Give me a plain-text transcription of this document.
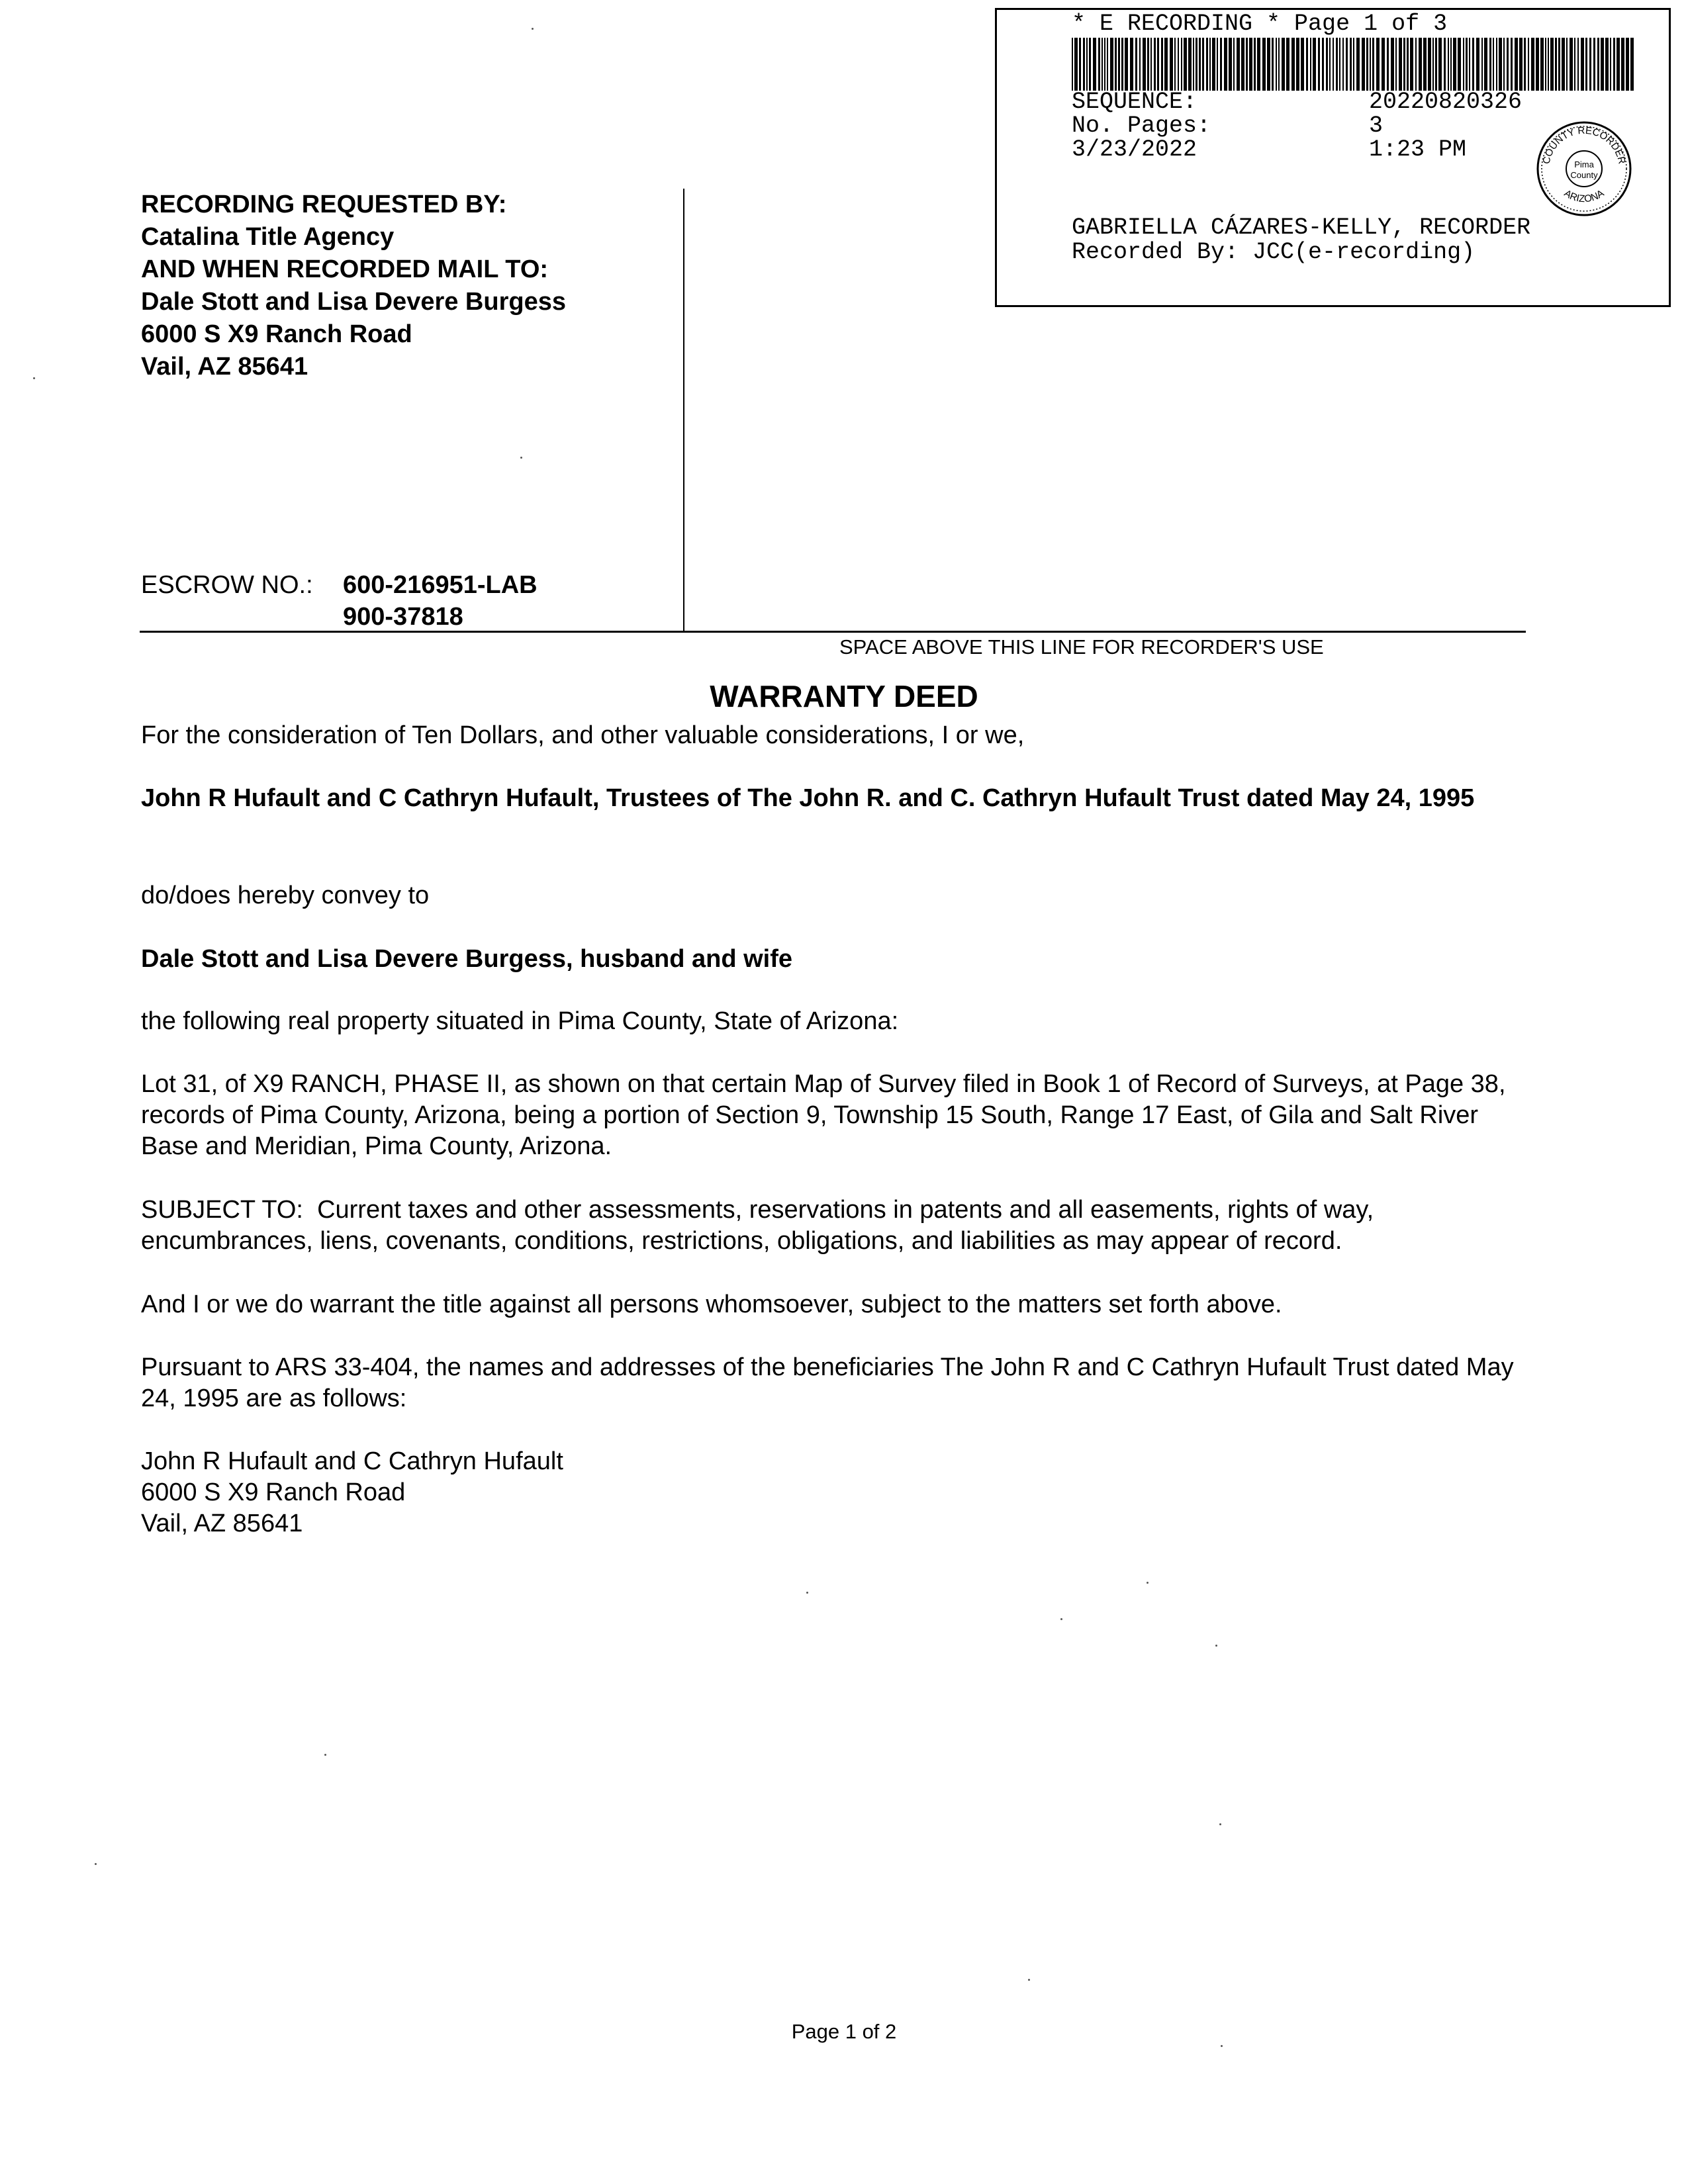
* E RECORDING * Page 1 of 3
SEQUENCE:	20220820326
No. Pages:	3
3/23/2022	1:23 PM	COUNTY RECORDER
ARIZONA
Pima
County
GABRIELLA CÁZARES-KELLY, RECORDER
Recorded By: JCC(e-recording)
RECORDING REQUESTED BY:
Catalina Title Agency
AND WHEN RECORDED MAIL TO:
Dale Stott and Lisa Devere Burgess
6000 S X9 Ranch Road
Vail, AZ 85641
ESCROW NO.: 600-216951-LAB
900-37818
SPACE ABOVE THIS LINE FOR RECORDER'S USE
WARRANTY DEED
For the consideration of Ten Dollars, and other valuable considerations, I or we,
John R Hufault and C Cathryn Hufault, Trustees of The John R. and C. Cathryn Hufault Trust dated May 24, 1995
do/does hereby convey to
Dale Stott and Lisa Devere Burgess, husband and wife
the following real property situated in Pima County, State of Arizona:
Lot 31, of X9 RANCH, PHASE II, as shown on that certain Map of Survey filed in Book 1 of Record of Surveys, at Page 38, records of Pima County, Arizona, being a portion of Section 9, Township 15 South, Range 17 East, of Gila and Salt River Base and Meridian, Pima County, Arizona.
SUBJECT TO:  Current taxes and other assessments, reservations in patents and all easements, rights of way, encumbrances, liens, covenants, conditions, restrictions, obligations, and liabilities as may appear of record.
And I or we do warrant the title against all persons whomsoever, subject to the matters set forth above.
Pursuant to ARS 33-404, the names and addresses of the beneficiaries The John R and C Cathryn Hufault Trust dated May 24, 1995 are as follows:
John R Hufault and C Cathryn Hufault
6000 S X9 Ranch Road
Vail, AZ 85641
Page 1 of 2
